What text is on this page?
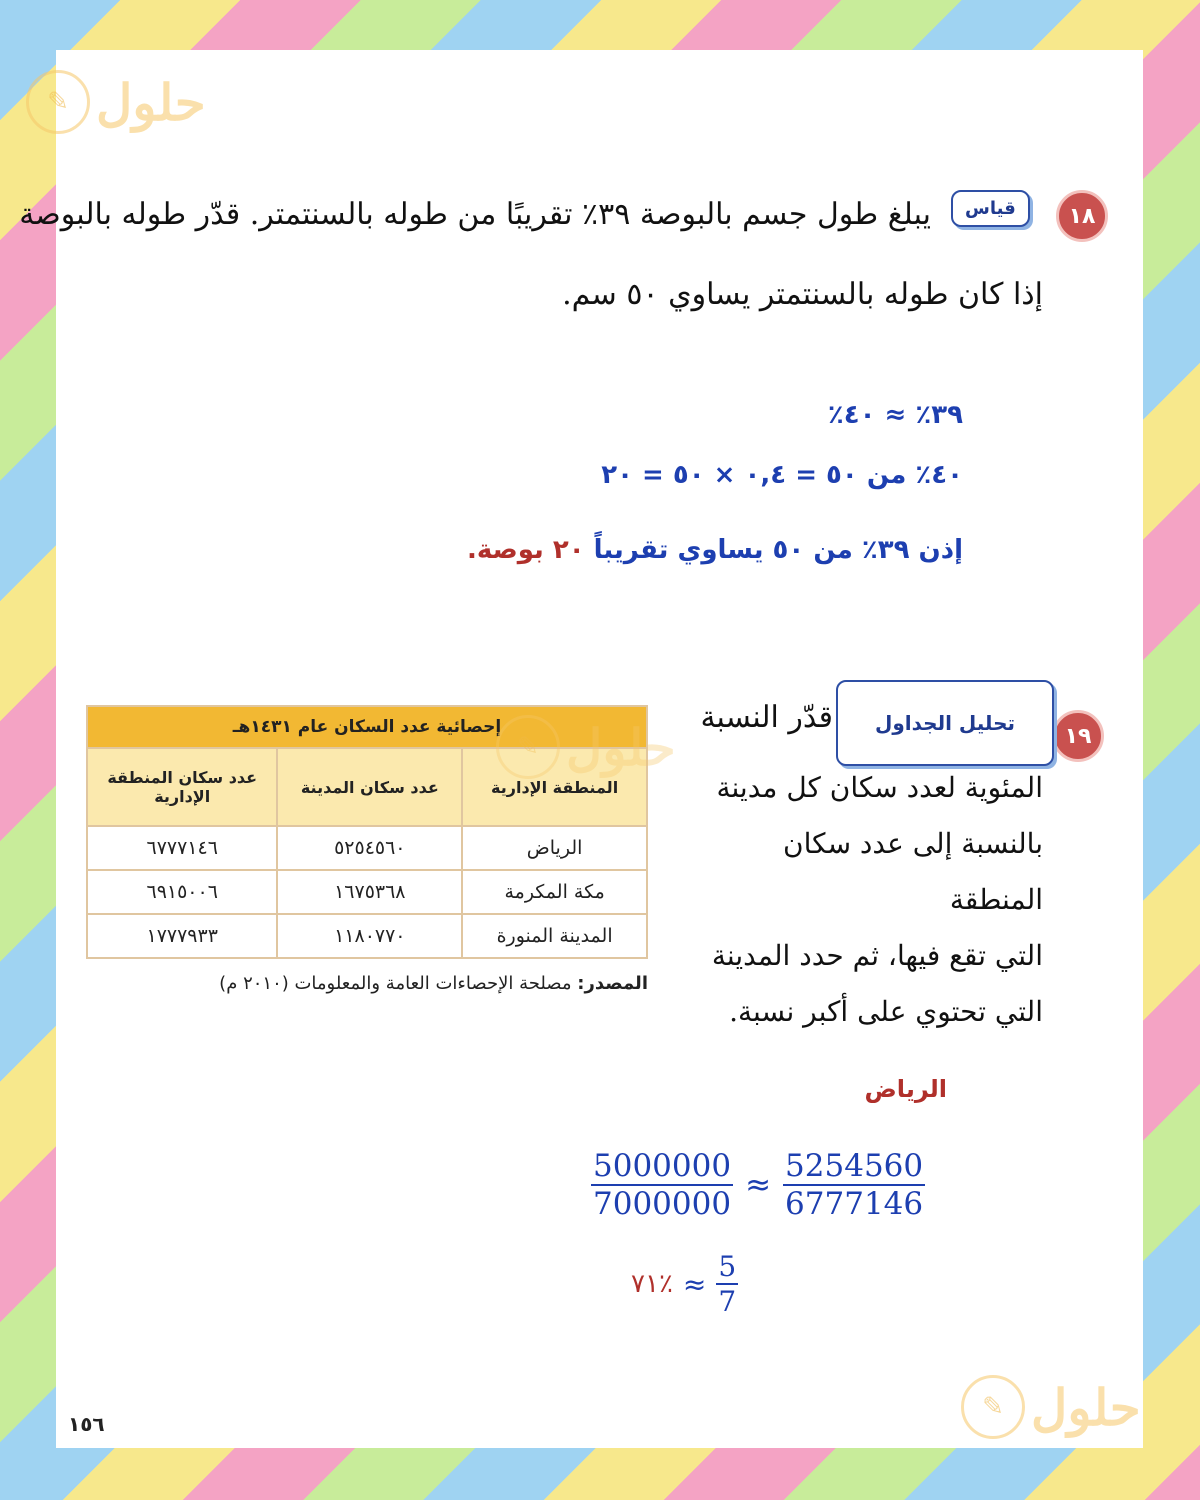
✎ حلول
١٨
قياس
يبلغ طول جسم بالبوصة ٣٩٪ تقريبًا من طوله بالسنتمتر. قدّر طوله بالبوصة
إذا كان طوله بالسنتمتر يساوي ٥٠ سم.
٣٩٪ ≈ ٤٠٪
٤٠٪ من ٥٠ = ٠,٤ × ٥٠ = ٢٠
إذن ٣٩٪ من ٥٠ يساوي تقريباً ٢٠ بوصة.
١٩
تحليل الجداول
قدّر النسبة
المئوية لعدد سكان كل مدينة
بالنسبة إلى عدد سكان المنطقة
التي تقع فيها، ثم حدد المدينة
التي تحتوي على أكبر نسبة.
إحصائية عدد السكان عام ١٤٣١هـ		
المنطقة الإدارية	عدد سكان المدينة	عدد سكان المنطقة الإدارية
الرياض	٥٢٥٤٥٦٠	٦٧٧٧١٤٦
مكة المكرمة	١٦٧٥٣٦٨	٦٩١٥٠٠٦
المدينة المنورة	١١٨٠٧٧٠	١٧٧٧٩٣٣
المصدر: مصلحة الإحصاءات العامة والمعلومات (٢٠١٠ م)
✎ حلول
الرياض
$\frac{5000000}{7000000} \approx \frac{5254560}{6777146}$
٧١٪ ≈ $\frac{5}{7}$
✎ حلول
١٥٦
